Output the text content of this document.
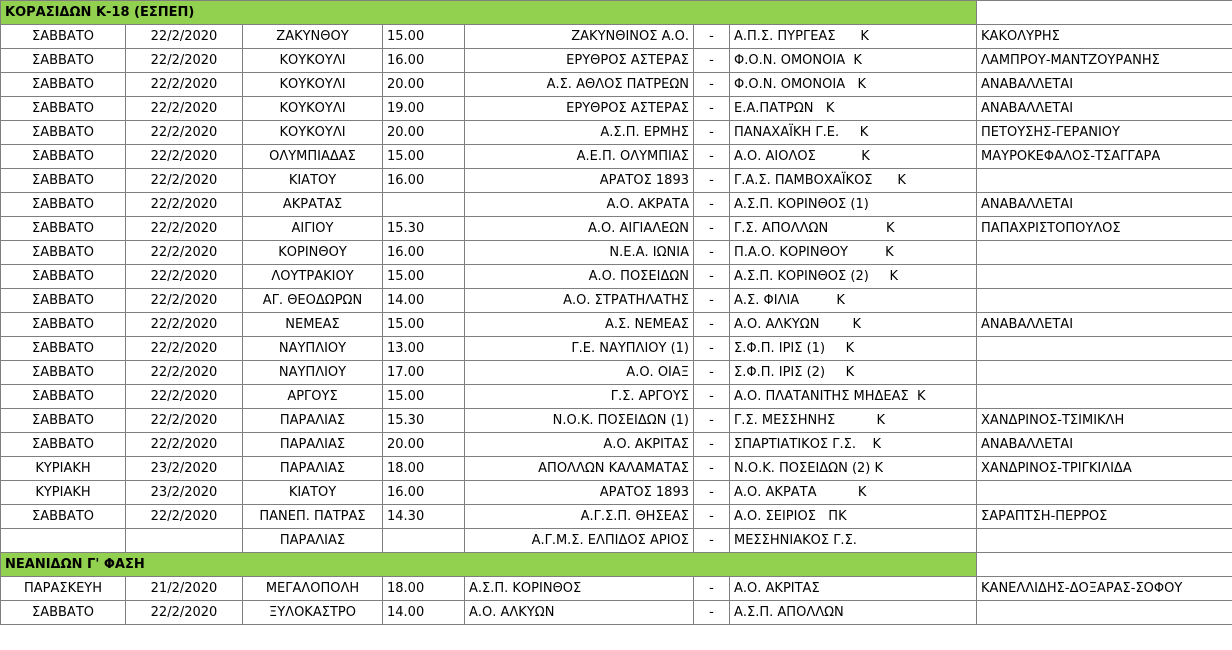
ΚΟΡΑΣΙΔΩΝ Κ-18 (ΕΣΠΕΠ)							
ΣΑΒΒΑΤΟ	22/2/2020	ΖΑΚΥΝΘΟΥ	15.00	ΖΑΚΥΝΘΙΝΟΣ Α.Ο.	-	Α.Π.Σ. ΠΥΡΓΕΑΣ      Κ	ΚΑΚΟΛΥΡΗΣ
ΣΑΒΒΑΤΟ	22/2/2020	ΚΟΥΚΟΥΛΙ	16.00	ΕΡΥΘΡΟΣ ΑΣΤΕΡΑΣ	-	Φ.Ο.Ν. ΟΜΟΝΟΙΑ  Κ	ΛΑΜΠΡΟΥ-ΜΑΝΤΖΟΥΡΑΝΗΣ
ΣΑΒΒΑΤΟ	22/2/2020	ΚΟΥΚΟΥΛΙ	20.00	Α.Σ. ΑΘΛΟΣ ΠΑΤΡΕΩΝ	-	Φ.Ο.Ν. ΟΜΟΝΟΙΑ   Κ	ΑΝΑΒΑΛΛΕΤΑΙ
ΣΑΒΒΑΤΟ	22/2/2020	ΚΟΥΚΟΥΛΙ	19.00	ΕΡΥΘΡΟΣ ΑΣΤΕΡΑΣ	-	Ε.Α.ΠΑΤΡΩΝ   Κ	ΑΝΑΒΑΛΛΕΤΑΙ
ΣΑΒΒΑΤΟ	22/2/2020	ΚΟΥΚΟΥΛΙ	20.00	Α.Σ.Π. ΕΡΜΗΣ	-	ΠΑΝΑΧΑΪΚΗ Γ.Ε.     Κ	ΠΕΤΟΥΣΗΣ-ΓΕΡΑΝΙΟΥ
ΣΑΒΒΑΤΟ	22/2/2020	ΟΛΥΜΠΙΑΔΑΣ	15.00	Α.Ε.Π. ΟΛΥΜΠΙΑΣ	-	Α.Ο. ΑΙΟΛΟΣ           Κ	ΜΑΥΡΟΚΕΦΑΛΟΣ-ΤΣΑΓΓΑΡΑ
ΣΑΒΒΑΤΟ	22/2/2020	ΚΙΑΤΟΥ	16.00	ΑΡΑΤΟΣ 1893	-	Γ.Α.Σ. ΠΑΜΒΟΧΑΪΚΟΣ      Κ	
ΣΑΒΒΑΤΟ	22/2/2020	ΑΚΡΑΤΑΣ		Α.Ο. ΑΚΡΑΤΑ	-	Α.Σ.Π. ΚΟΡΙΝΘΟΣ (1)	ΑΝΑΒΑΛΛΕΤΑΙ
ΣΑΒΒΑΤΟ	22/2/2020	ΑΙΓΙΟΥ	15.30	Α.Ο. ΑΙΓΙΑΛΕΩΝ	-	Γ.Σ. ΑΠΟΛΛΩΝ              Κ	ΠΑΠΑΧΡΙΣΤΟΠΟΥΛΟΣ
ΣΑΒΒΑΤΟ	22/2/2020	ΚΟΡΙΝΘΟΥ	16.00	Ν.Ε.Α. ΙΩΝΙΑ	-	Π.Α.Ο. ΚΟΡΙΝΘΟΥ         Κ	
ΣΑΒΒΑΤΟ	22/2/2020	ΛΟΥΤΡΑΚΙΟΥ	15.00	Α.Ο. ΠΟΣΕΙΔΩΝ	-	Α.Σ.Π. ΚΟΡΙΝΘΟΣ (2)     Κ	
ΣΑΒΒΑΤΟ	22/2/2020	ΑΓ. ΘΕΟΔΩΡΩΝ	14.00	Α.Ο. ΣΤΡΑΤΗΛΑΤΗΣ	-	Α.Σ. ΦΙΛΙΑ         Κ	
ΣΑΒΒΑΤΟ	22/2/2020	ΝΕΜΕΑΣ	15.00	Α.Σ. ΝΕΜΕΑΣ	-	Α.Ο. ΑΛΚΥΩΝ        Κ	ΑΝΑΒΑΛΛΕΤΑΙ
ΣΑΒΒΑΤΟ	22/2/2020	ΝΑΥΠΛΙΟΥ	13.00	Γ.Ε. ΝΑΥΠΛΙΟΥ (1)	-	Σ.Φ.Π. ΙΡΙΣ (1)     Κ	
ΣΑΒΒΑΤΟ	22/2/2020	ΝΑΥΠΛΙΟΥ	17.00	Α.Ο. ΟΙΑΞ	-	Σ.Φ.Π. ΙΡΙΣ (2)     Κ	
ΣΑΒΒΑΤΟ	22/2/2020	ΑΡΓΟΥΣ	15.00	Γ.Σ. ΑΡΓΟΥΣ	-	Α.Ο. ΠΛΑΤΑΝΙΤΗΣ ΜΗΔΕΑΣ  Κ	
ΣΑΒΒΑΤΟ	22/2/2020	ΠΑΡΑΛΙΑΣ	15.30	Ν.Ο.Κ. ΠΟΣΕΙΔΩΝ (1)	-	Γ.Σ. ΜΕΣΣΗΝΗΣ          Κ	ΧΑΝΔΡΙΝΟΣ-ΤΣΙΜΙΚΛΗ
ΣΑΒΒΑΤΟ	22/2/2020	ΠΑΡΑΛΙΑΣ	20.00	Α.Ο. ΑΚΡΙΤΑΣ	-	ΣΠΑΡΤΙΑΤΙΚΟΣ Γ.Σ.    Κ	ΑΝΑΒΑΛΛΕΤΑΙ
ΚΥΡΙΑΚΗ	23/2/2020	ΠΑΡΑΛΙΑΣ	18.00	ΑΠΟΛΛΩΝ ΚΑΛΑΜΑΤΑΣ	-	Ν.Ο.Κ. ΠΟΣΕΙΔΩΝ (2) Κ	ΧΑΝΔΡΙΝΟΣ-ΤΡΙΓΚΙΛΙΔΑ
ΚΥΡΙΑΚΗ	23/2/2020	ΚΙΑΤΟΥ	16.00	ΑΡΑΤΟΣ 1893	-	Α.Ο. ΑΚΡΑΤΑ          Κ	
ΣΑΒΒΑΤΟ	22/2/2020	ΠΑΝΕΠ. ΠΑΤΡΑΣ	14.30	Α.Γ.Σ.Π. ΘΗΣΕΑΣ	-	Α.Ο. ΣΕΙΡΙΟΣ   ΠΚ	ΣΑΡΑΠΤΣΗ-ΠΕΡΡΟΣ
		ΠΑΡΑΛΙΑΣ		Α.Γ.Μ.Σ. ΕΛΠΙΔΟΣ ΑΡΙΟΣ	-	ΜΕΣΣΗΝΙΑΚΟΣ Γ.Σ.	
ΝΕΑΝΙΔΩΝ Γ' ΦΑΣΗ							
ΠΑΡΑΣΚΕΥΗ	21/2/2020	ΜΕΓΑΛΟΠΟΛΗ	18.00	Α.Σ.Π. ΚΟΡΙΝΘΟΣ	-	Α.Ο. ΑΚΡΙΤΑΣ	ΚΑΝΕΛΛΙΔΗΣ-ΔΟΞΑΡΑΣ-ΣΟΦΟΥ
ΣΑΒΒΑΤΟ	22/2/2020	ΞΥΛΟΚΑΣΤΡΟ	14.00	Α.Ο. ΑΛΚΥΩΝ	-	Α.Σ.Π. ΑΠΟΛΛΩΝ	
